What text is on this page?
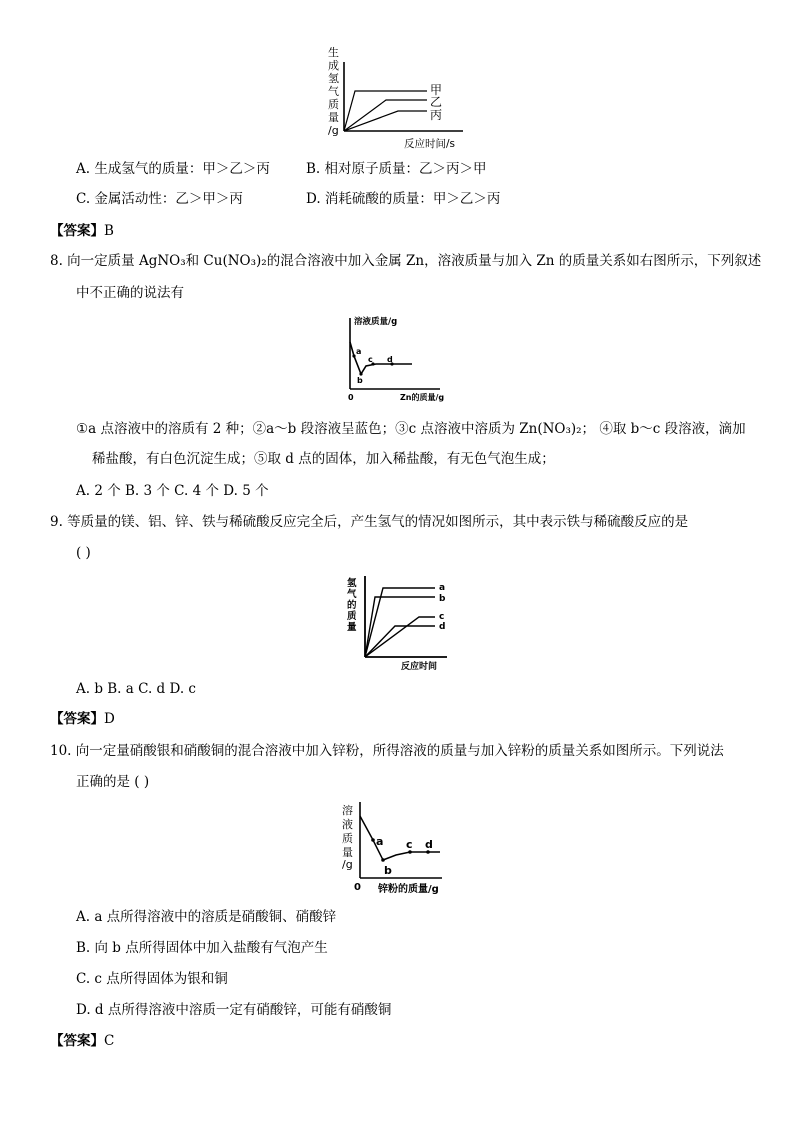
生
成
氢
气
质
量
/g
甲
乙
丙
反应时间/s
A. 生成氢气的质量：甲＞乙＞丙	B. 相对原子质量：乙＞丙＞甲
C. 金属活动性：乙＞甲＞丙	D. 消耗硫酸的质量：甲＞乙＞丙
【答案】B
8. 向一定质量 AgNO₃和 Cu(NO₃)₂的混合溶液中加入金属 Zn，溶液质量与加入 Zn 的质量关系如右图所示，下列叙述
中不正确的说法有
溶液质量/g
a
b
c d
0	Zn的质量/g
①a 点溶液中的溶质有 2 种；②a～b 段溶液呈蓝色；③c 点溶液中溶质为 Zn(NO₃)₂； ④取 b～c 段溶液，滴加
稀盐酸，有白色沉淀生成；⑤取 d 点的固体，加入稀盐酸，有无色气泡生成；
A. 2 个 B. 3 个 C. 4 个 D. 5 个
9. 等质量的镁、铝、锌、铁与稀硫酸反应完全后，产生氢气的情况如图所示，其中表示铁与稀硫酸反应的是
( )
氢
气
的
质
量
a
b
c
d
反应时间
A. b B. a C. d D. c
【答案】D
10. 向一定量硝酸银和硝酸铜的混合溶液中加入锌粉，所得溶液的质量与加入锌粉的质量关系如图所示。下列说法
正确的是 ( )
溶
液
质
量
/g
a
b
c d
0 锌粉的质量/g
A. a 点所得溶液中的溶质是硝酸铜、硝酸锌
B. 向 b 点所得固体中加入盐酸有气泡产生
C. c 点所得固体为银和铜
D. d 点所得溶液中溶质一定有硝酸锌，可能有硝酸铜
【答案】C
